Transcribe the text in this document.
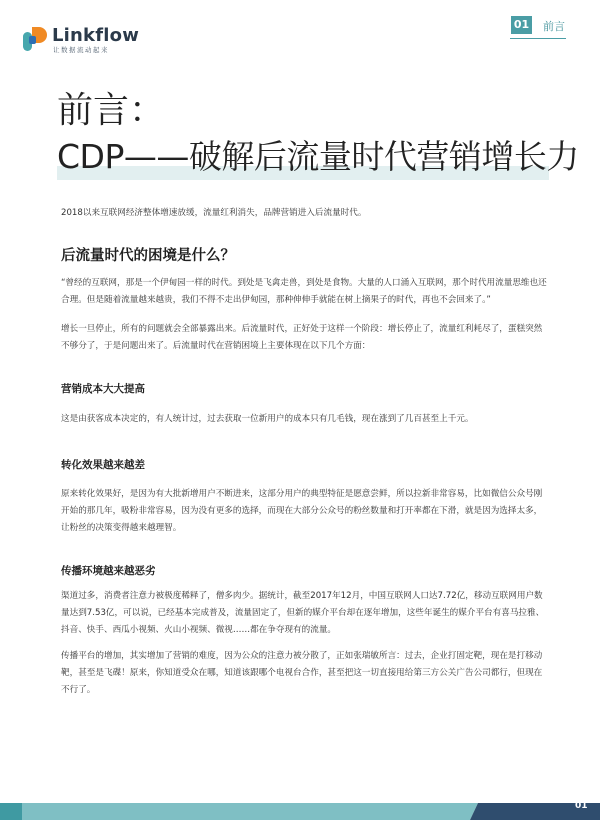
Linkflow
让数据流动起来
01 前言
前言：
CDP——破解后流量时代营销增长力
2018以来互联网经济整体增速放缓，流量红利消失，品牌营销进入后流量时代。
后流量时代的困境是什么？
“曾经的互联网，那是一个伊甸园一样的时代。到处是飞禽走兽，到处是食物。大量的人口涌入互联网，那个时代用流量思维也还合理。但是随着流量越来越贵，我们不得不走出伊甸园，那种伸伸手就能在树上摘果子的时代，再也不会回来了。”
增长一旦停止，所有的问题就会全部暴露出来。后流量时代，正好处于这样一个阶段：增长停止了，流量红利耗尽了，蛋糕突然不够分了，于是问题出来了。后流量时代在营销困境上主要体现在以下几个方面：
营销成本大大提高
这是由获客成本决定的，有人统计过，过去获取一位新用户的成本只有几毛钱，现在涨到了几百甚至上千元。
转化效果越来越差
原来转化效果好，是因为有大批新增用户不断进来，这部分用户的典型特征是愿意尝鲜，所以拉新非常容易，比如微信公众号刚开始的那几年，吸粉非常容易，因为没有更多的选择，而现在大部分公众号的粉丝数量和打开率都在下滑，就是因为选择太多，让粉丝的决策变得越来越理智。
传播环境越来越恶劣
渠道过多，消费者注意力被极度稀释了，僧多肉少。据统计，截至2017年12月，中国互联网人口达7.72亿，移动互联网用户数量达到7.53亿，可以说，已经基本完成普及，流量固定了，但新的媒介平台却在逐年增加，这些年诞生的媒介平台有喜马拉雅、抖音、快手、西瓜小视频、火山小视频、微视……都在争夺现有的流量。
传播平台的增加，其实增加了营销的难度，因为公众的注意力被分散了，正如张瑞敏所言：过去，企业打固定靶，现在是打移动靶，甚至是飞碟！原来，你知道受众在哪，知道该跟哪个电视台合作，甚至把这一切直接甩给第三方公关广告公司都行，但现在不行了。
01
